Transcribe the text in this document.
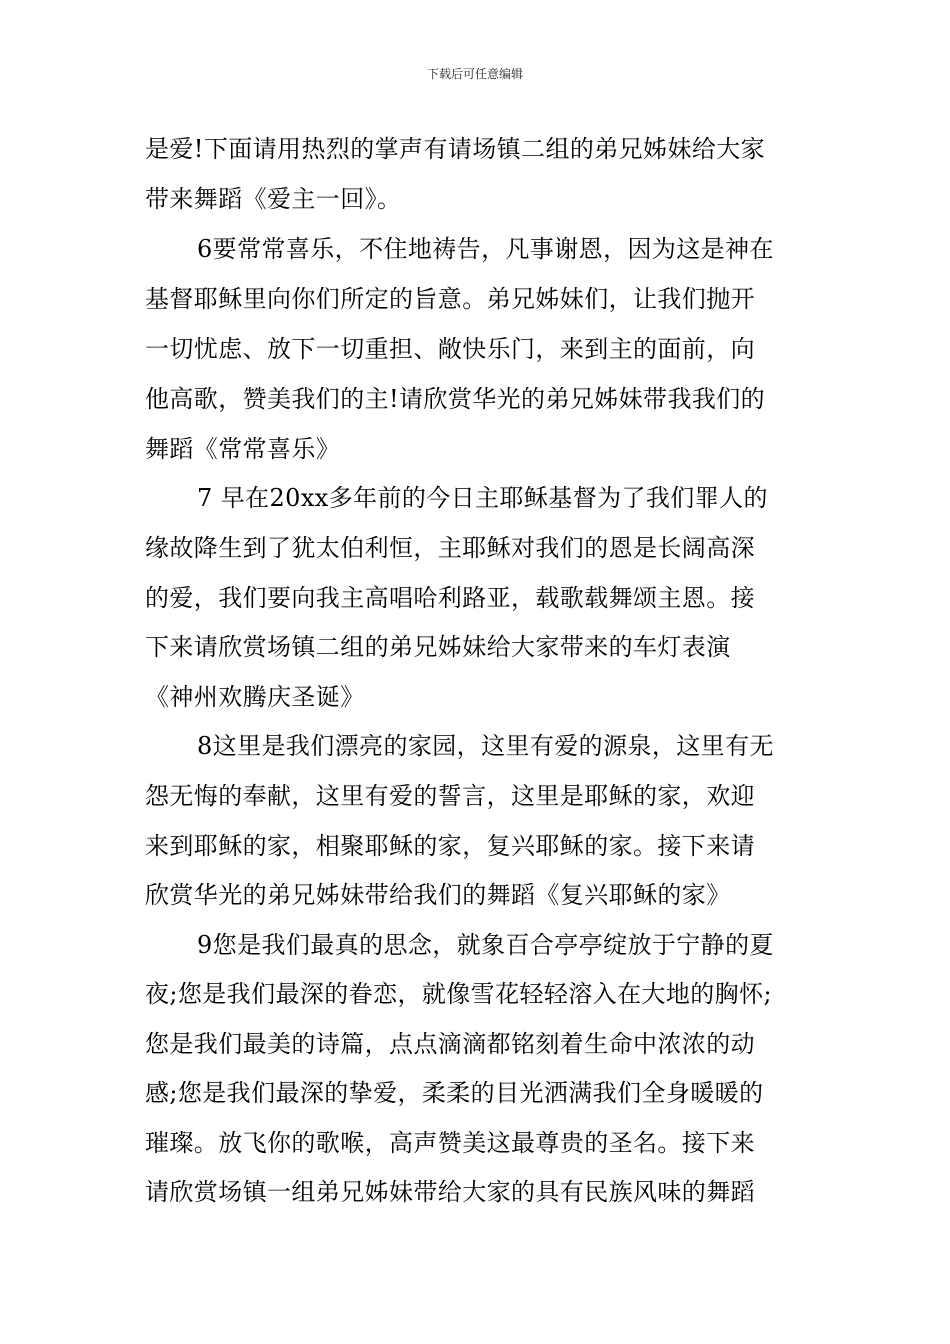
下载后可任意编辑
是爱!下面请用热烈的掌声有请场镇二组的弟兄姊妹给大家
带来舞蹈《爱主一回》。
6要常常喜乐，不住地祷告，凡事谢恩，因为这是神在
基督耶稣里向你们所定的旨意。弟兄姊妹们，让我们抛开
一切忧虑、放下一切重担、敞快乐门，来到主的面前，向
他高歌，赞美我们的主!请欣赏华光的弟兄姊妹带我我们的
舞蹈《常常喜乐》
7 早在20xx多年前的今日主耶稣基督为了我们罪人的
缘故降生到了犹太伯利恒，主耶稣对我们的恩是长阔高深
的爱，我们要向我主高唱哈利路亚，载歌载舞颂主恩。接
下来请欣赏场镇二组的弟兄姊妹给大家带来的车灯表演
《神州欢腾庆圣诞》
8这里是我们漂亮的家园，这里有爱的源泉，这里有无
怨无悔的奉献，这里有爱的誓言，这里是耶稣的家，欢迎
来到耶稣的家，相聚耶稣的家，复兴耶稣的家。接下来请
欣赏华光的弟兄姊妹带给我们的舞蹈《复兴耶稣的家》
9您是我们最真的思念，就象百合亭亭绽放于宁静的夏
夜;您是我们最深的眷恋，就像雪花轻轻溶入在大地的胸怀;
您是我们最美的诗篇，点点滴滴都铭刻着生命中浓浓的动
感;您是我们最深的挚爱，柔柔的目光洒满我们全身暖暖的
璀璨。放飞你的歌喉，高声赞美这最尊贵的圣名。接下来
请欣赏场镇一组弟兄姊妹带给大家的具有民族风味的舞蹈
